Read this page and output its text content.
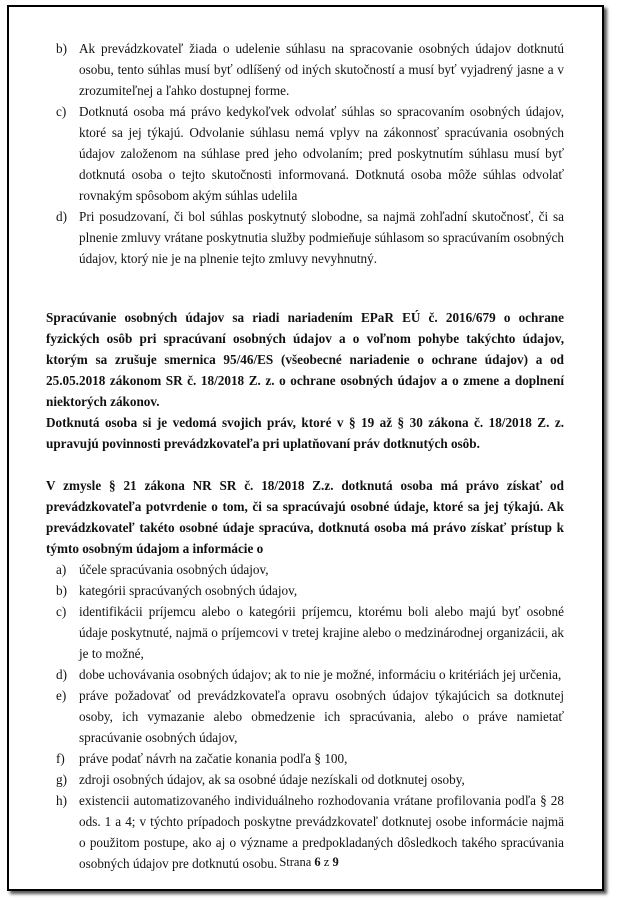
b) Ak prevádzkovateľ žiada o udelenie súhlasu na spracovanie osobných údajov dotknutú osobu, tento súhlas musí byť odlíšený od iných skutočností a musí byť vyjadrený jasne a v zrozumiteľnej a ľahko dostupnej forme.
c) Dotknutá osoba má právo kedykoľvek odvolať súhlas so spracovaním osobných údajov, ktoré sa jej týkajú. Odvolanie súhlasu nemá vplyv na zákonnosť spracúvania osobných údajov založenom na súhlase pred jeho odvolaním; pred poskytnutím súhlasu musí byť dotknutá osoba o tejto skutočnosti informovaná. Dotknutá osoba môže súhlas odvolať rovnakým spôsobom akým súhlas udelila
d) Pri posudzovaní, či bol súhlas poskytnutý slobodne, sa najmä zohľadní skutočnosť, či sa plnenie zmluvy vrátane poskytnutia služby podmieňuje súhlasom so spracúvaním osobných údajov, ktorý nie je na plnenie tejto zmluvy nevyhnutný.
Spracúvanie osobných údajov sa riadi nariadením EPaR EÚ č. 2016/679 o ochrane fyzických osôb pri spracúvaní osobných údajov a o voľnom pohybe takýchto údajov, ktorým sa zrušuje smernica 95/46/ES (všeobecné nariadenie o ochrane údajov) a od 25.05.2018 zákonom SR č. 18/2018 Z. z. o ochrane osobných údajov a o zmene a doplnení niektorých zákonov.
Dotknutá osoba si je vedomá svojich práv, ktoré v § 19 až § 30 zákona č. 18/2018 Z. z. upravujú povinnosti prevádzkovateľa pri uplatňovaní práv dotknutých osôb.
V zmysle § 21 zákona NR SR č. 18/2018 Z.z. dotknutá osoba má právo získať od prevádzkovateľa potvrdenie o tom, či sa spracúvajú osobné údaje, ktoré sa jej týkajú. Ak prevádzkovateľ takéto osobné údaje spracúva, dotknutá osoba má právo získať prístup k týmto osobným údajom a informácie o
a) účele spracúvania osobných údajov,
b) kategórii spracúvaných osobných údajov,
c) identifikácii príjemcu alebo o kategórii príjemcu, ktorému boli alebo majú byť osobné údaje poskytnuté, najmä o príjemcovi v tretej krajine alebo o medzinárodnej organizácii, ak je to možné,
d) dobe uchovávania osobných údajov; ak to nie je možné, informáciu o kritériách jej určenia,
e) práve požadovať od prevádzkovateľa opravu osobných údajov týkajúcich sa dotknutej osoby, ich vymazanie alebo obmedzenie ich spracúvania, alebo o práve namietať spracúvanie osobných údajov,
f)	práve podať návrh na začatie konania podľa § 100,
g) zdroji osobných údajov, ak sa osobné údaje nezískali od dotknutej osoby,
h) existencii automatizovaného individuálneho rozhodovania vrátane profilovania podľa § 28 ods. 1 a 4; v týchto prípadoch poskytne prevádzkovateľ dotknutej osobe informácie najmä o použitom postupe, ako aj o význame a predpokladaných dôsledkoch takého spracúvania osobných údajov pre dotknutú osobu. Strana 6 z 9
